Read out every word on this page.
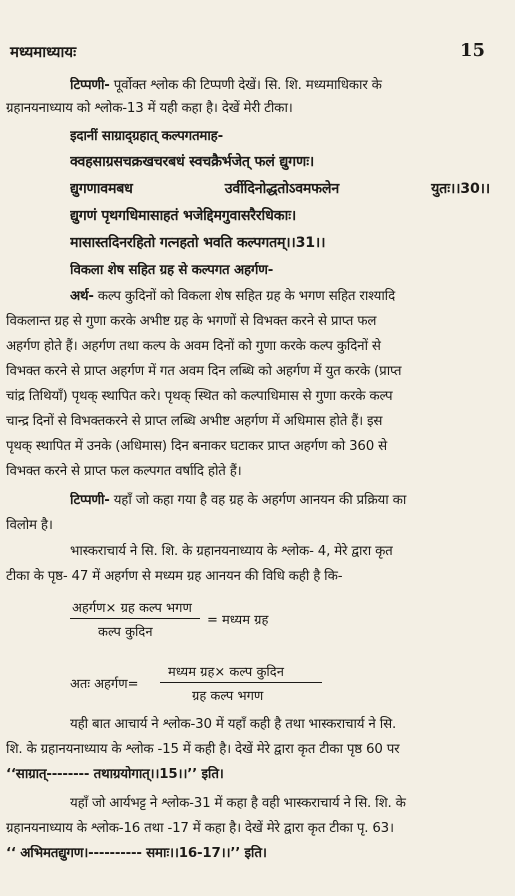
मध्यमाध्यायः	15
टिप्पणी- पूर्वोक्त श्लोक की टिप्पणी देखें। सि. शि. मध्यमाधिकार के
ग्रहानयनाध्याय को श्लोक-13 में यही कहा है। देखें मेरी टीका।
इदानीं साग्राद्ग्रहात् कल्पगतमाह-
क्वहसाग्रसचक्रखचरबधं स्वचक्रैर्भजेत् फलं द्युगणः।
द्युगणावमबध	उर्वीदिनोद्धतोऽवमफलेन	युतः।।30।।
द्युगणं पृथगधिमासाहतं भजेद्दिमगुवासरैरधिकाः।
मासास्तदिनरहितो गत्नहतो भवति कल्पगतम्।।31।।
विकला शेष सहित ग्रह से कल्पगत अहर्गण-
अर्थ- कल्प कुदिनों को विकला शेष सहित ग्रह के भगण सहित राश्यादि
विकलान्त ग्रह से गुणा करके अभीष्ट ग्रह के भगणों से विभक्त करने से प्राप्त फल
अहर्गण होते हैं। अहर्गण तथा कल्प के अवम दिनों को गुणा करके कल्प कुदिनों से
विभक्त करने से प्राप्त अहर्गण में गत अवम दिन लब्धि को अहर्गण में युत करके (प्राप्त
चांद्र तिथियाँ) पृथक् स्थापित करे। पृथक् स्थित को कल्पाधिमास से गुणा करके कल्प
चान्द्र दिनों से विभक्तकरने से प्राप्त लब्धि अभीष्ट अहर्गण में अधिमास होते हैं। इस
पृथक् स्थापित में उनके (अधिमास) दिन बनाकर घटाकर प्राप्त अहर्गण को 360 से
विभक्त करने से प्राप्त फल कल्पगत वर्षादि होते हैं।
टिप्पणी- यहाँ जो कहा गया है वह ग्रह के अहर्गण आनयन की प्रक्रिया का
विलोम है।
भास्कराचार्य ने सि. शि. के ग्रहानयनाध्याय के श्लोक- 4, मेरे द्वारा कृत
टीका के पृष्ठ- 47 में अहर्गण से मध्यम ग्रह आनयन की विधि कही है कि-
अहर्गण× ग्रह कल्प भगण
कल्प कुदिन
= मध्यम ग्रह
अतः अहर्गण=
मध्यम ग्रह× कल्प कुदिन
ग्रह कल्प भगण
यही बात आचार्य ने श्लोक-30 में यहाँ कही है तथा भास्कराचार्य ने सि.
शि. के ग्रहानयनाध्याय के श्लोक -15 में कही है। देखें मेरे द्वारा कृत टीका पृष्ठ 60 पर
‘‘साग्रात्-------- तथाग्रयोगात्।।15।।’’ इति।
यहाँ जो आर्यभट्ट ने श्लोक-31 में कहा है वही भास्कराचार्य ने सि. शि. के
ग्रहानयनाध्याय के श्लोक-16 तथा -17 में कहा है। देखें मेरे द्वारा कृत टीका पृ. 63।
‘‘ अभिमतद्युगण।---------- समाः।।16-17।।’’ इति।
